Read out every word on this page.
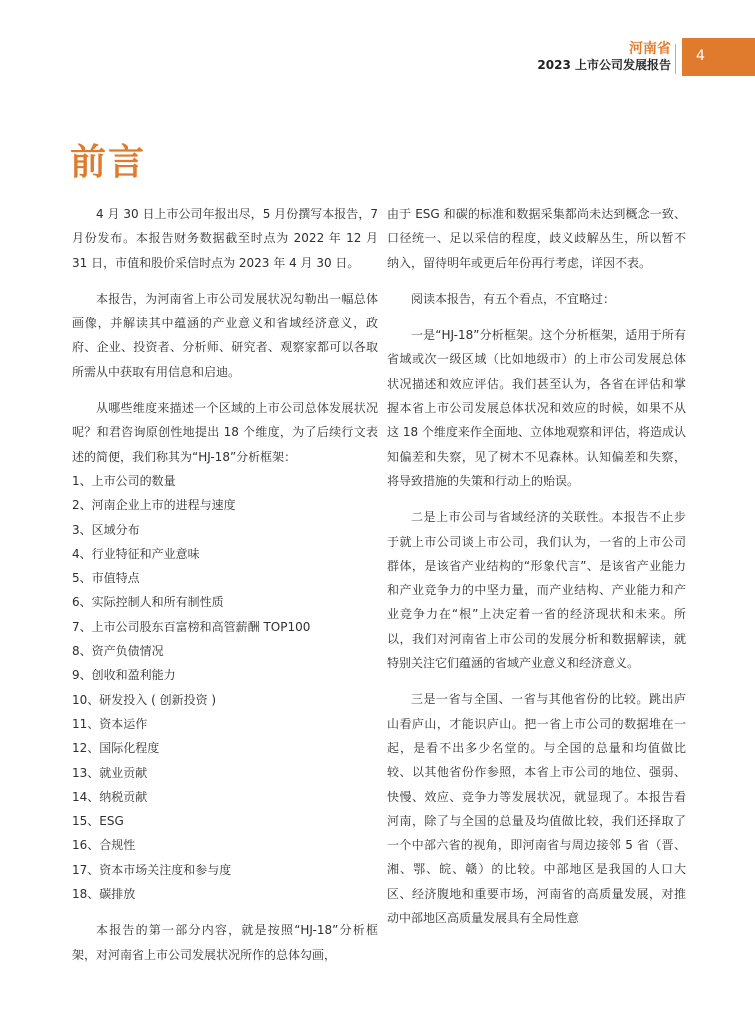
河南省
2023 上市公司发展报告
4
前言

4 月 30 日上市公司年报出尽，5 月份撰写本报告，7 月份发布。本报告财务数据截至时点为 2022 年 12 月 31 日，市值和股价采信时点为 2023 年 4 月 30 日。

本报告，为河南省上市公司发展状况勾勒出一幅总体画像，并解读其中蕴涵的产业意义和省域经济意义，政府、企业、投资者、分析师、研究者、观察家都可以各取所需从中获取有用信息和启迪。

从哪些维度来描述一个区域的上市公司总体发展状况呢？和君咨询原创性地提出 18 个维度，为了后续行文表述的简便，我们称其为“HJ-18”分析框架：

1、上市公司的数量
2、河南企业上市的进程与速度
3、区域分布
4、行业特征和产业意味
5、市值特点
6、实际控制人和所有制性质
7、上市公司股东百富榜和高管薪酬 TOP100
8、资产负债情况
9、创收和盈利能力
10、研发投入 ( 创新投资 )
11、资本运作
12、国际化程度
13、就业贡献
14、纳税贡献
15、ESG
16、合规性
17、资本市场关注度和参与度
18、碳排放

本报告的第一部分内容，就是按照“HJ-18”分析框架，对河南省上市公司发展状况所作的总体勾画，

由于 ESG 和碳的标准和数据采集都尚未达到概念一致、口径统一、足以采信的程度，歧义歧解丛生，所以暂不纳入，留待明年或更后年份再行考虑，详因不表。

阅读本报告，有五个看点，不宜略过：

一是“HJ-18”分析框架。这个分析框架，适用于所有省域或次一级区域（比如地级市）的上市公司发展总体状况描述和效应评估。我们甚至认为，各省在评估和掌握本省上市公司发展总体状况和效应的时候，如果不从这 18 个维度来作全面地、立体地观察和评估，将造成认知偏差和失察，见了树木不见森林。认知偏差和失察，将导致措施的失策和行动上的贻误。

二是上市公司与省域经济的关联性。本报告不止步于就上市公司谈上市公司，我们认为，一省的上市公司群体，是该省产业结构的“形象代言”、是该省产业能力和产业竞争力的中坚力量，而产业结构、产业能力和产业竞争力在“根”上决定着一省的经济现状和未来。所以，我们对河南省上市公司的发展分析和数据解读，就特别关注它们蕴涵的省域产业意义和经济意义。

三是一省与全国、一省与其他省份的比较。跳出庐山看庐山，才能识庐山。把一省上市公司的数据堆在一起，是看不出多少名堂的。与全国的总量和均值做比较、以其他省份作参照，本省上市公司的地位、强弱、快慢、效应、竞争力等发展状况，就显现了。本报告看河南，除了与全国的总量及均值做比较，我们还择取了一个中部六省的视角，即河南省与周边接邻 5 省（晋、湘、鄂、皖、赣）的比较。中部地区是我国的人口大区、经济腹地和重要市场，河南省的高质量发展，对推动中部地区高质量发展具有全局性意
